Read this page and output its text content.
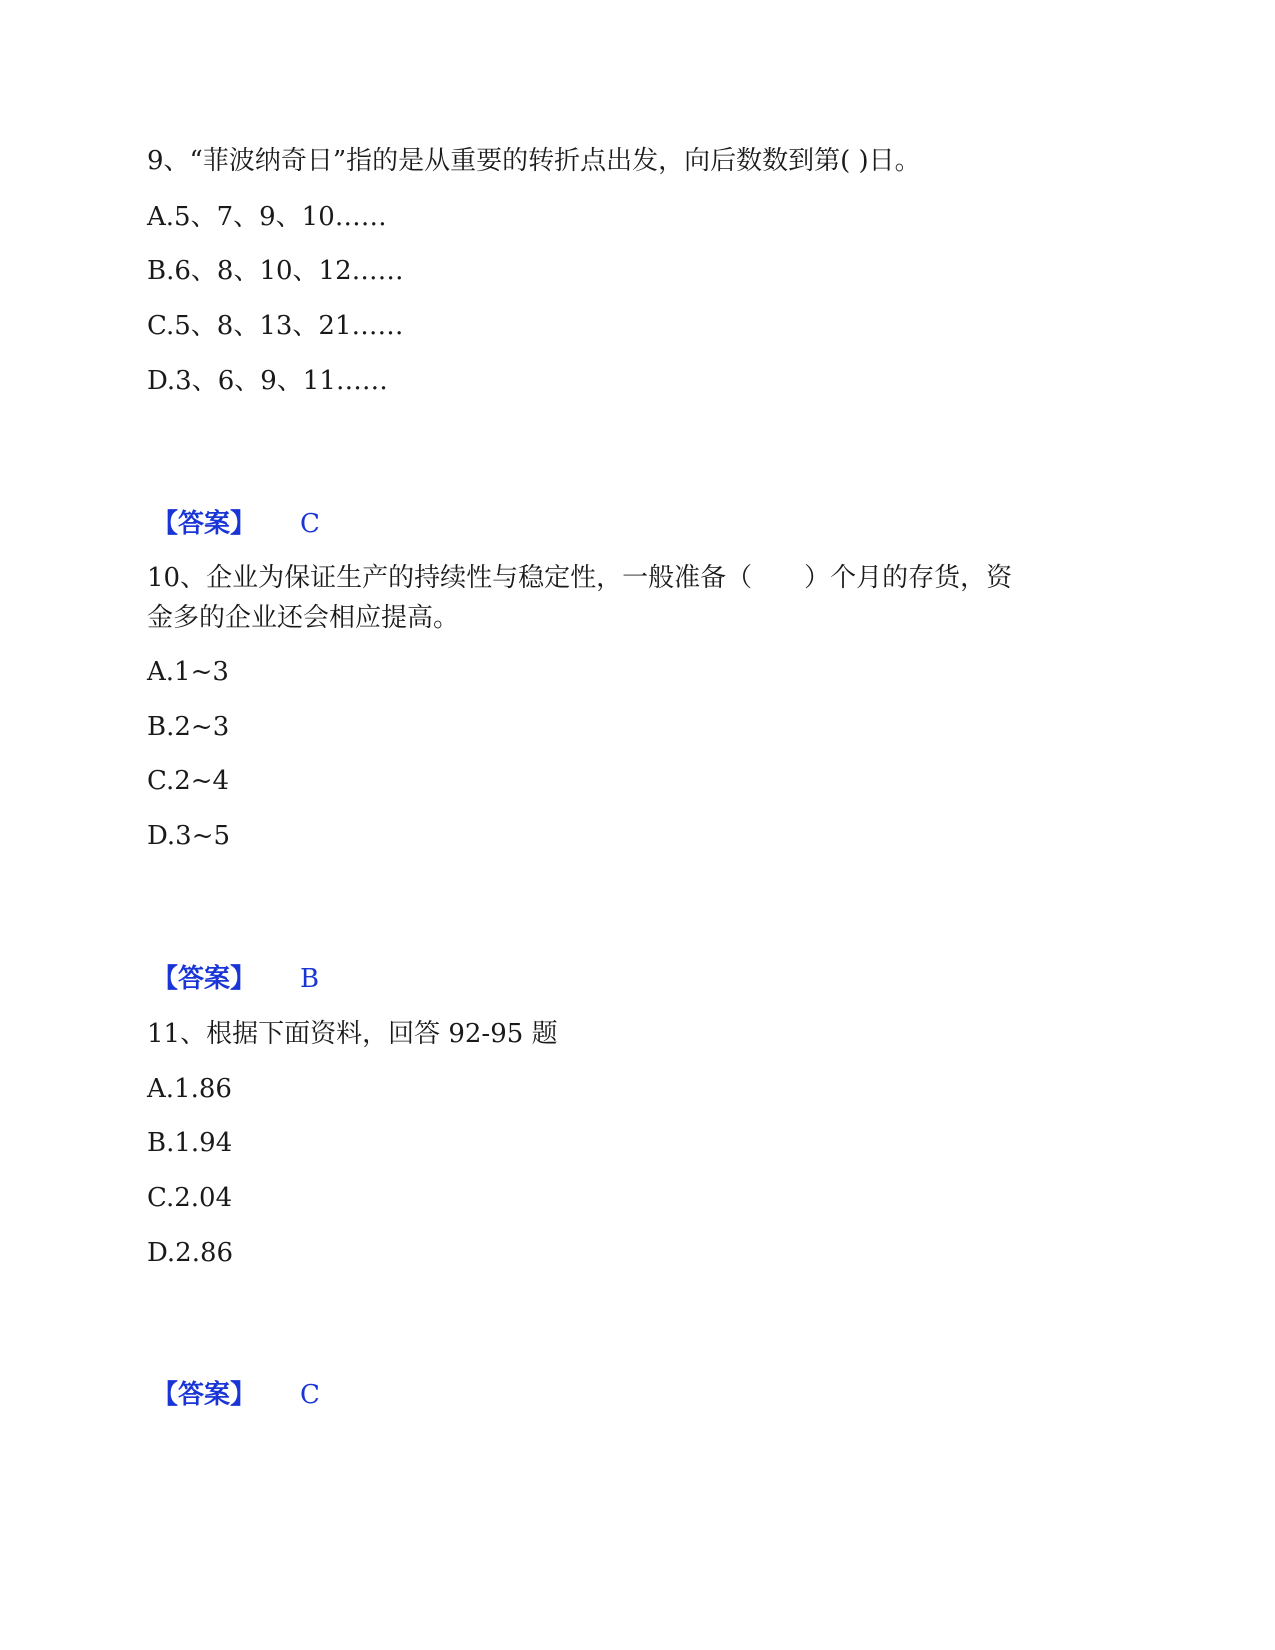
9、“菲波纳奇日”指的是从重要的转折点出发，向后数数到第( )日。
A.5、7、9、10……
B.6、8、10、12……
C.5、8、13、21……
D.3、6、9、11……
【答案】 C
10、企业为保证生产的持续性与稳定性，一般准备（　　）个月的存货，资
金多的企业还会相应提高。
A.1~3
B.2~3
C.2~4
D.3~5
【答案】 B
11、根据下面资料，回答 92-95 题
A.1.86
B.1.94
C.2.04
D.2.86
【答案】 C
